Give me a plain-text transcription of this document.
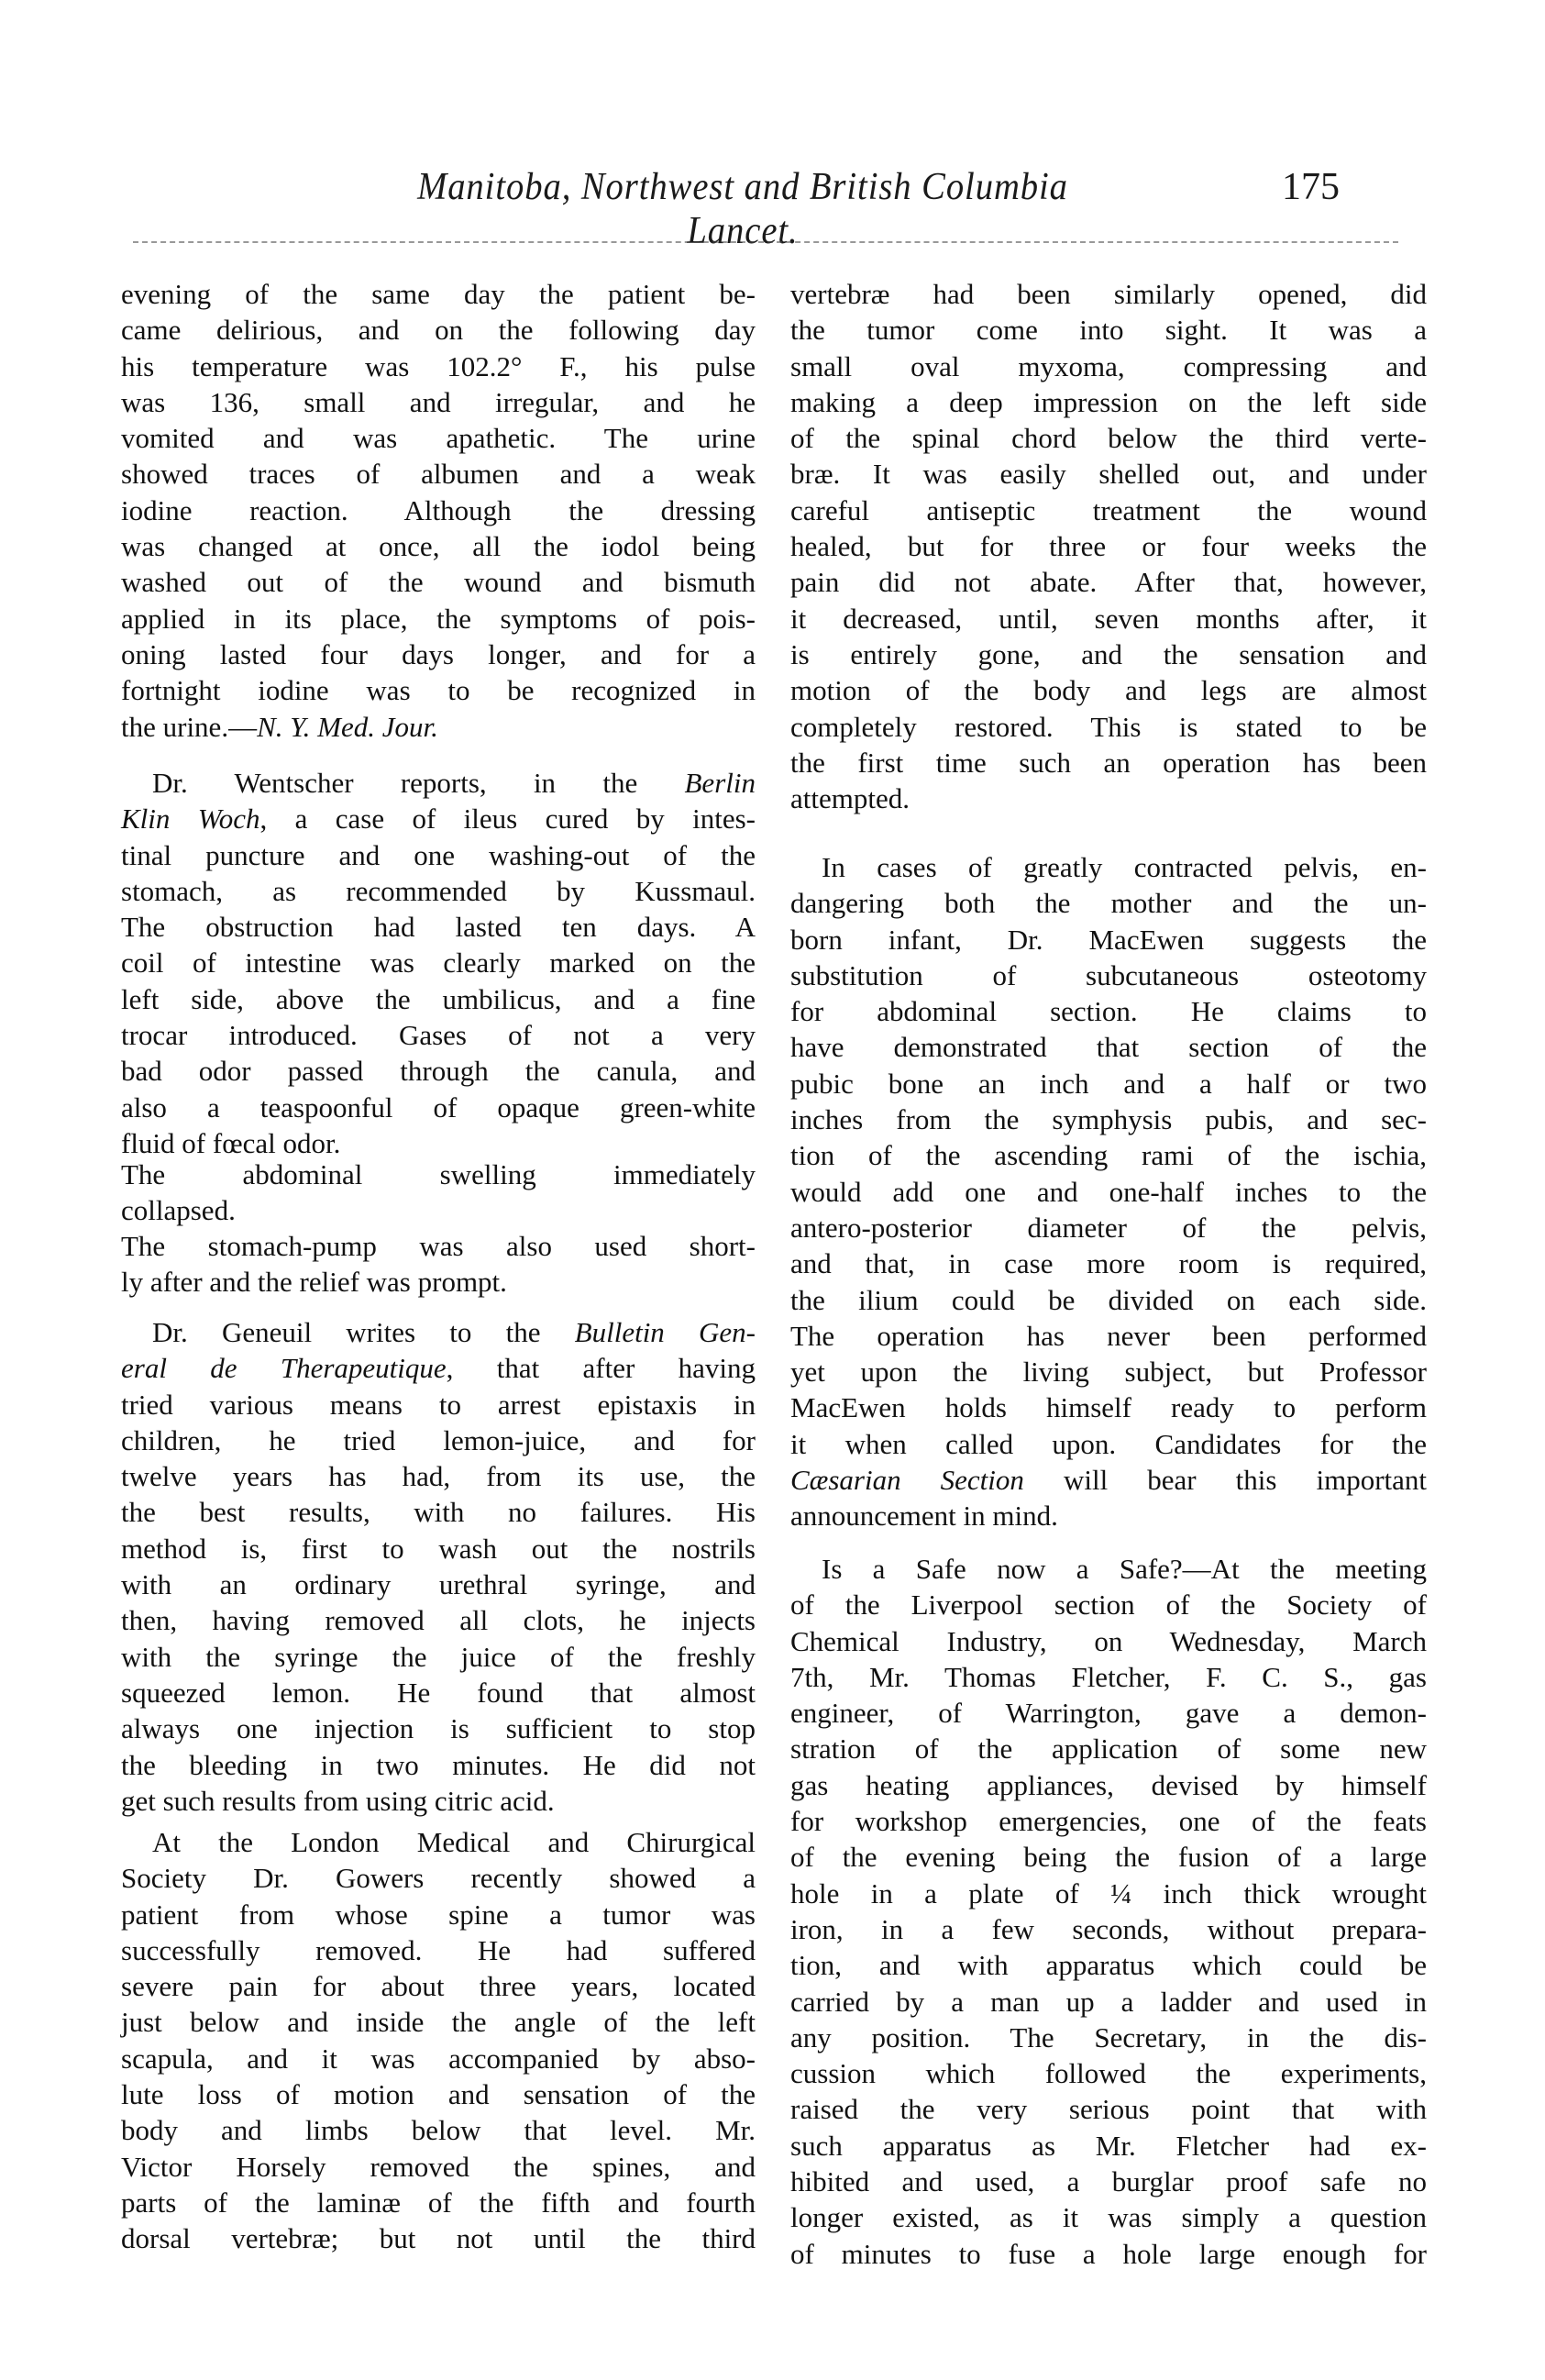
Manitoba, Northwest and British Columbia Lancet.
175
evening of the same day the patient be-
came delirious, and on the following day
his temperature was 102.2° F., his pulse
was 136, small and irregular, and he
vomited and was apathetic. The urine
showed traces of albumen and a weak
iodine reaction. Although the dressing
was changed at once, all the iodol being
washed out of the wound and bismuth
applied in its place, the symptoms of pois-
oning lasted four days longer, and for a
fortnight iodine was to be recognized in
the urine.—N. Y. Med. Jour.
Dr. Wentscher reports, in the Berlin
Klin Woch, a case of ileus cured by intes-
tinal puncture and one washing-out of the
stomach, as recommended by Kussmaul.
The obstruction had lasted ten days. A
coil of intestine was clearly marked on the
left side, above the umbilicus, and a fine
trocar introduced. Gases of not a very
bad odor passed through the canula, and
also a teaspoonful of opaque green-white
fluid of fœcal odor.
The abdominal swelling immediately
collapsed.
The stomach-pump was also used short-
ly after and the relief was prompt.
Dr. Geneuil writes to the Bulletin Gen-
eral de Therapeutique, that after having
tried various means to arrest epistaxis in
children, he tried lemon-juice, and for
twelve years has had, from its use, the
the best results, with no failures. His
method is, first to wash out the nostrils
with an ordinary urethral syringe, and
then, having removed all clots, he injects
with the syringe the juice of the freshly
squeezed lemon. He found that almost
always one injection is sufficient to stop
the bleeding in two minutes. He did not
get such results from using citric acid.
At the London Medical and Chirurgical
Society Dr. Gowers recently showed a
patient from whose spine a tumor was
successfully removed. He had suffered
severe pain for about three years, located
just below and inside the angle of the left
scapula, and it was accompanied by abso-
lute loss of motion and sensation of the
body and limbs below that level. Mr.
Victor Horsely removed the spines, and
parts of the laminæ of the fifth and fourth
dorsal vertebræ; but not until the third
vertebræ had been similarly opened, did
the tumor come into sight. It was a
small oval myxoma, compressing and
making a deep impression on the left side
of the spinal chord below the third verte-
bræ. It was easily shelled out, and under
careful antiseptic treatment the wound
healed, but for three or four weeks the
pain did not abate. After that, however,
it decreased, until, seven months after, it
is entirely gone, and the sensation and
motion of the body and legs are almost
completely restored. This is stated to be
the first time such an operation has been
attempted.
In cases of greatly contracted pelvis, en-
dangering both the mother and the un-
born infant, Dr. MacEwen suggests the
substitution of subcutaneous osteotomy
for abdominal section. He claims to
have demonstrated that section of the
pubic bone an inch and a half or two
inches from the symphysis pubis, and sec-
tion of the ascending rami of the ischia,
would add one and one-half inches to the
antero-posterior diameter of the pelvis,
and that, in case more room is required,
the ilium could be divided on each side.
The operation has never been performed
yet upon the living subject, but Professor
MacEwen holds himself ready to perform
it when called upon. Candidates for the
Cæsarian Section will bear this important
announcement in mind.
Is a Safe now a Safe?—At the meeting
of the Liverpool section of the Society of
Chemical Industry, on Wednesday, March
7th, Mr. Thomas Fletcher, F. C. S., gas
engineer, of Warrington, gave a demon-
stration of the application of some new
gas heating appliances, devised by himself
for workshop emergencies, one of the feats
of the evening being the fusion of a large
hole in a plate of ¼ inch thick wrought
iron, in a few seconds, without prepara-
tion, and with apparatus which could be
carried by a man up a ladder and used in
any position. The Secretary, in the dis-
cussion which followed the experiments,
raised the very serious point that with
such apparatus as Mr. Fletcher had ex-
hibited and used, a burglar proof safe no
longer existed, as it was simply a question
of minutes to fuse a hole large enough for
